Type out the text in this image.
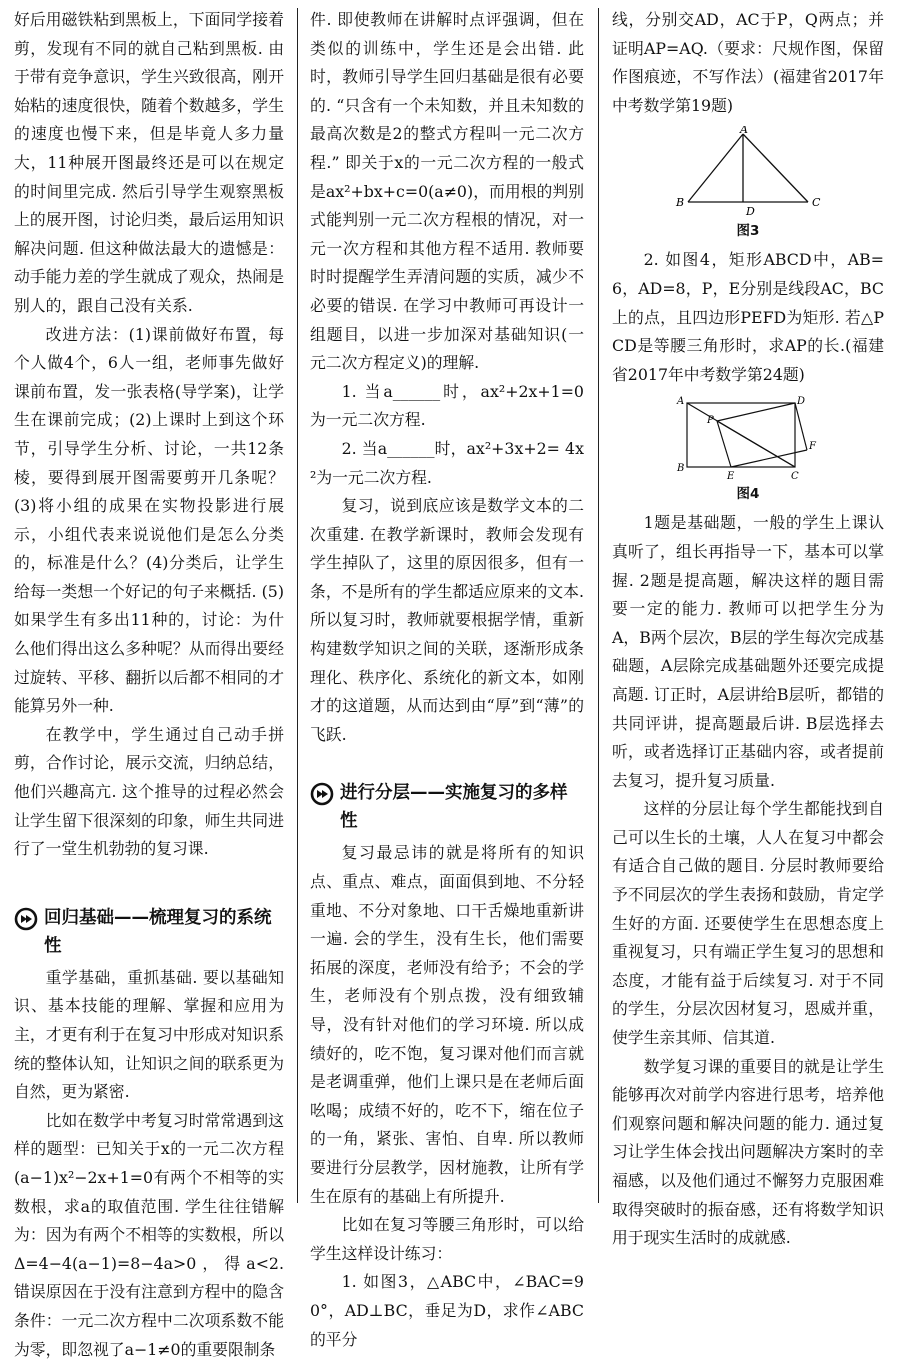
好后用磁铁粘到黑板上，下面同学接着剪，发现有不同的就自己粘到黑板. 由于带有竞争意识，学生兴致很高，刚开始粘的速度很快，随着个数越多，学生的速度也慢下来，但是毕竟人多力量大，11种展开图最终还是可以在规定的时间里完成. 然后引导学生观察黑板上的展开图，讨论归类，最后运用知识解决问题. 但这种做法最大的遗憾是：动手能力差的学生就成了观众，热闹是别人的，跟自己没有关系.

改进方法：(1)课前做好布置，每个人做4个，6人一组，老师事先做好课前布置，发一张表格(导学案)，让学生在课前完成；(2)上课时上到这个环节，引导学生分析、讨论，一共12条棱，要得到展开图需要剪开几条呢？(3)将小组的成果在实物投影进行展示，小组代表来说说他们是怎么分类的，标准是什么？(4)分类后，让学生给每一类想一个好记的句子来概括. (5)如果学生有多出11种的，讨论：为什么他们得出这么多种呢？从而得出要经过旋转、平移、翻折以后都不相同的才能算另外一种.

在教学中，学生通过自己动手拼剪，合作讨论，展示交流，归纳总结，他们兴趣高亢. 这个推导的过程必然会让学生留下很深刻的印象，师生共同进行了一堂生机勃勃的复习课.

回归基础——梳理复习的系统性

重学基础，重抓基础. 要以基础知识、基本技能的理解、掌握和应用为主，才更有利于在复习中形成对知识系统的整体认知，让知识之间的联系更为自然，更为紧密.

比如在数学中考复习时常常遇到这样的题型：已知关于x的一元二次方程(a−1)x²−2x+1=0有两个不相等的实数根，求a的取值范围. 学生往往错解为：因为有两个不相等的实数根，所以Δ=4−4(a−1)=8−4a>0，得a<2. 错误原因在于没有注意到方程中的隐含条件：一元二次方程中二次项系数不能为零，即忽视了a−1≠0的重要限制条

件. 即使教师在讲解时点评强调，但在类似的训练中，学生还是会出错. 此时，教师引导学生回归基础是很有必要的. “只含有一个未知数，并且未知数的最高次数是2的整式方程叫一元二次方程.” 即关于x的一元二次方程的一般式是ax²+bx+c=0(a≠0)，而用根的判别式能判别一元二次方程根的情况，对一元一次方程和其他方程不适用. 教师要时时提醒学生弄清问题的实质，减少不必要的错误. 在学习中教师可再设计一组题目，以进一步加深对基础知识(一元二次方程定义)的理解.

1. 当a______时，ax²+2x+1=0为一元二次方程.

2. 当a______时，ax²+3x+2= 4x²为一元二次方程.

复习，说到底应该是数学文本的二次重建. 在教学新课时，教师会发现有学生掉队了，这里的原因很多，但有一条，不是所有的学生都适应原来的文本. 所以复习时，教师就要根据学情，重新构建数学知识之间的关联，逐渐形成条理化、秩序化、系统化的新文本，如刚才的这道题，从而达到由“厚”到“薄”的飞跃.

进行分层——实施复习的多样性

复习最忌讳的就是将所有的知识点、重点、难点，面面俱到地、不分轻重地、不分对象地、口干舌燥地重新讲一遍. 会的学生，没有生长，他们需要拓展的深度，老师没有给予；不会的学生，老师没有个别点拨，没有细致辅导，没有针对他们的学习环境. 所以成绩好的，吃不饱，复习课对他们而言就是老调重弹，他们上课只是在老师后面吆喝；成绩不好的，吃不下，缩在位子的一角，紧张、害怕、自卑. 所以教师要进行分层教学，因材施教，让所有学生在原有的基础上有所提升.

比如在复习等腰三角形时，可以给学生这样设计练习：

1. 如图3，△ABC中，∠BAC=90°，AD⊥BC，垂足为D，求作∠ABC的平分

线，分别交AD，AC于P，Q两点；并证明AP=AQ.（要求：尺规作图，保留作图痕迹，不写作法）(福建省2017年中考数学第19题)

A
B	C
D
图3

2. 如图4，矩形ABCD中，AB=6，AD=8，P，E分别是线段AC，BC上的点，且四边形PEFD为矩形. 若△PCD是等腰三角形时，求AP的长.(福建省2017年中考数学第24题)

A	D
B
C
F
E
P
图4

1题是基础题，一般的学生上课认真听了，组长再指导一下，基本可以掌握. 2题是提高题，解决这样的题目需要一定的能力. 教师可以把学生分为A，B两个层次，B层的学生每次完成基础题，A层除完成基础题外还要完成提高题. 订正时，A层讲给B层听，都错的共同评讲，提高题最后讲. B层选择去听，或者选择订正基础内容，或者提前去复习，提升复习质量.

这样的分层让每个学生都能找到自己可以生长的土壤，人人在复习中都会有适合自己做的题目. 分层时教师要给予不同层次的学生表扬和鼓励，肯定学生好的方面. 还要使学生在思想态度上重视复习，只有端正学生复习的思想和态度，才能有益于后续复习. 对于不同的学生，分层次因材复习，恩威并重，使学生亲其师、信其道.

数学复习课的重要目的就是让学生能够再次对前学内容进行思考，培养他们观察问题和解决问题的能力. 通过复习让学生体会找出问题解决方案时的幸福感，以及他们通过不懈努力克服困难取得突破时的振奋感，还有将数学知识用于现实生活时的成就感.
